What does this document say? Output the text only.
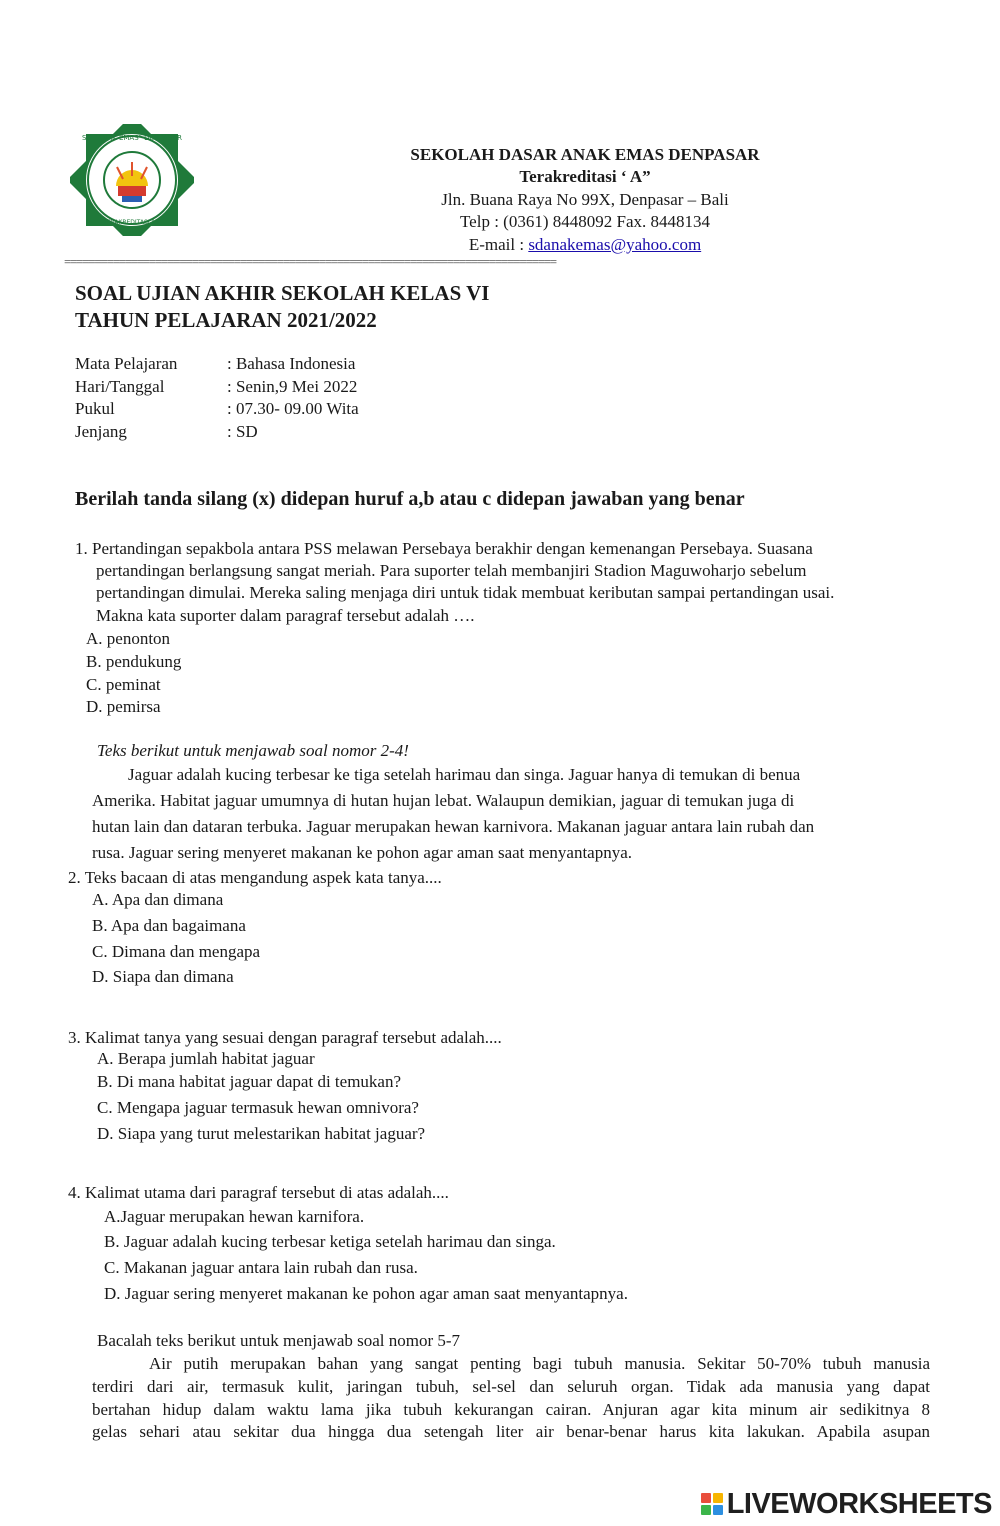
SD "ANAK EMAS" DENPASAR
TERAKREDITASI "A"
SEKOLAH DASAR ANAK EMAS DENPASAR
Terakreditasi ‘ A”
Jln. Buana Raya No 99X, Denpasar – Bali
Telp : (0361) 8448092 Fax. 8448134
E-mail : sdanakemas@yahoo.com
=================================================================================
SOAL UJIAN AKHIR SEKOLAH KELAS VI
TAHUN PELAJARAN 2021/2022
Mata Pelajaran	: Bahasa Indonesia
Hari/Tanggal	: Senin,9 Mei 2022
Pukul	: 07.30- 09.00 Wita
Jenjang	: SD
Berilah tanda silang (x) didepan huruf a,b atau c didepan jawaban yang benar
1. Pertandingan sepakbola antara PSS melawan Persebaya berakhir dengan kemenangan Persebaya. Suasana
pertandingan berlangsung sangat meriah. Para suporter telah membanjiri Stadion Maguwoharjo sebelum
pertandingan dimulai. Mereka saling menjaga diri untuk tidak membuat keributan sampai pertandingan usai.
Makna kata suporter dalam paragraf tersebut adalah ….
A. penonton
B. pendukung
C. peminat
D. pemirsa
Teks berikut untuk menjawab soal nomor 2-4!
Jaguar adalah kucing terbesar ke tiga setelah harimau dan singa. Jaguar hanya di temukan di benua
Amerika. Habitat jaguar umumnya di hutan hujan lebat. Walaupun demikian, jaguar di temukan juga di
hutan lain dan dataran terbuka. Jaguar merupakan hewan karnivora. Makanan jaguar antara lain rubah dan
rusa. Jaguar sering menyeret makanan ke pohon agar aman saat menyantapnya.
2. Teks bacaan di atas mengandung aspek kata tanya....
A. Apa dan dimana
B. Apa dan bagaimana
C. Dimana dan mengapa
D. Siapa dan dimana
3. Kalimat tanya yang sesuai dengan paragraf tersebut adalah....
A. Berapa jumlah habitat jaguar
B. Di mana habitat jaguar dapat di temukan?
C. Mengapa jaguar termasuk hewan omnivora?
D. Siapa yang turut melestarikan habitat jaguar?
4. Kalimat utama dari paragraf tersebut di atas adalah....
A.Jaguar merupakan hewan karnifora.
B. Jaguar adalah kucing terbesar ketiga setelah harimau dan singa.
C. Makanan jaguar antara lain rubah dan rusa.
D. Jaguar sering menyeret makanan ke pohon agar aman saat menyantapnya.
Bacalah teks berikut untuk menjawab soal nomor 5-7
Air putih merupakan bahan yang sangat penting bagi tubuh manusia. Sekitar 50-70% tubuh manusia
terdiri dari air, termasuk kulit, jaringan tubuh, sel-sel dan seluruh organ. Tidak ada manusia yang dapat
bertahan hidup dalam waktu lama jika tubuh kekurangan cairan. Anjuran agar kita minum air sedikitnya 8
gelas sehari atau sekitar dua hingga dua setengah liter air benar-benar harus kita lakukan. Apabila asupan
LIVEWORKSHEETS
